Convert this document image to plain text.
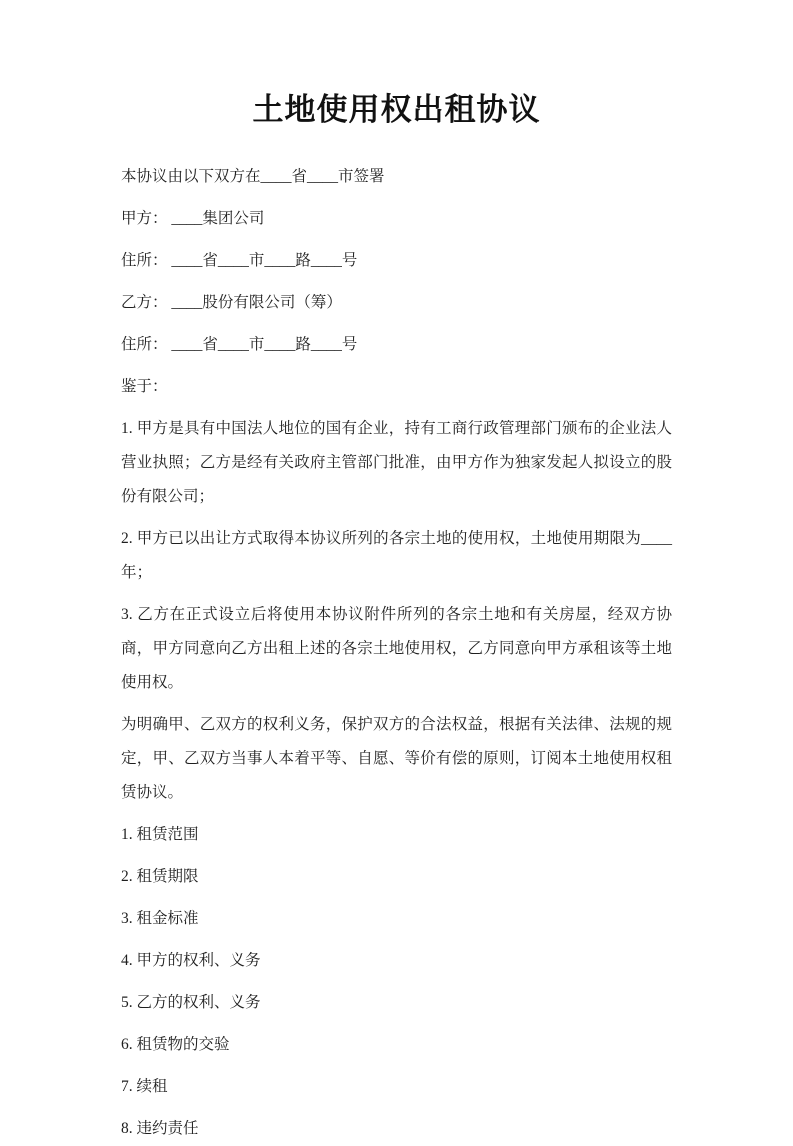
土地使用权出租协议

本协议由以下双方在____省____市签署

甲方： ____集团公司

住所： ____省____市____路____号

乙方： ____股份有限公司（筹）

住所： ____省____市____路____号

鉴于：

1. 甲方是具有中国法人地位的国有企业，持有工商行政管理部门颁布的企业法人营业执照；乙方是经有关政府主管部门批准，由甲方作为独家发起人拟设立的股份有限公司；

2. 甲方已以出让方式取得本协议所列的各宗土地的使用权，土地使用期限为____年；

3. 乙方在正式设立后将使用本协议附件所列的各宗土地和有关房屋，经双方协商，甲方同意向乙方出租上述的各宗土地使用权，乙方同意向甲方承租该等土地使用权。

为明确甲、乙双方的权利义务，保护双方的合法权益，根据有关法律、法规的规定，甲、乙双方当事人本着平等、自愿、等价有偿的原则，订阅本土地使用权租赁协议。

1. 租赁范围

2. 租赁期限

3. 租金标准

4. 甲方的权利、义务

5. 乙方的权利、义务

6. 租赁物的交验

7. 续租

8. 违约责任
